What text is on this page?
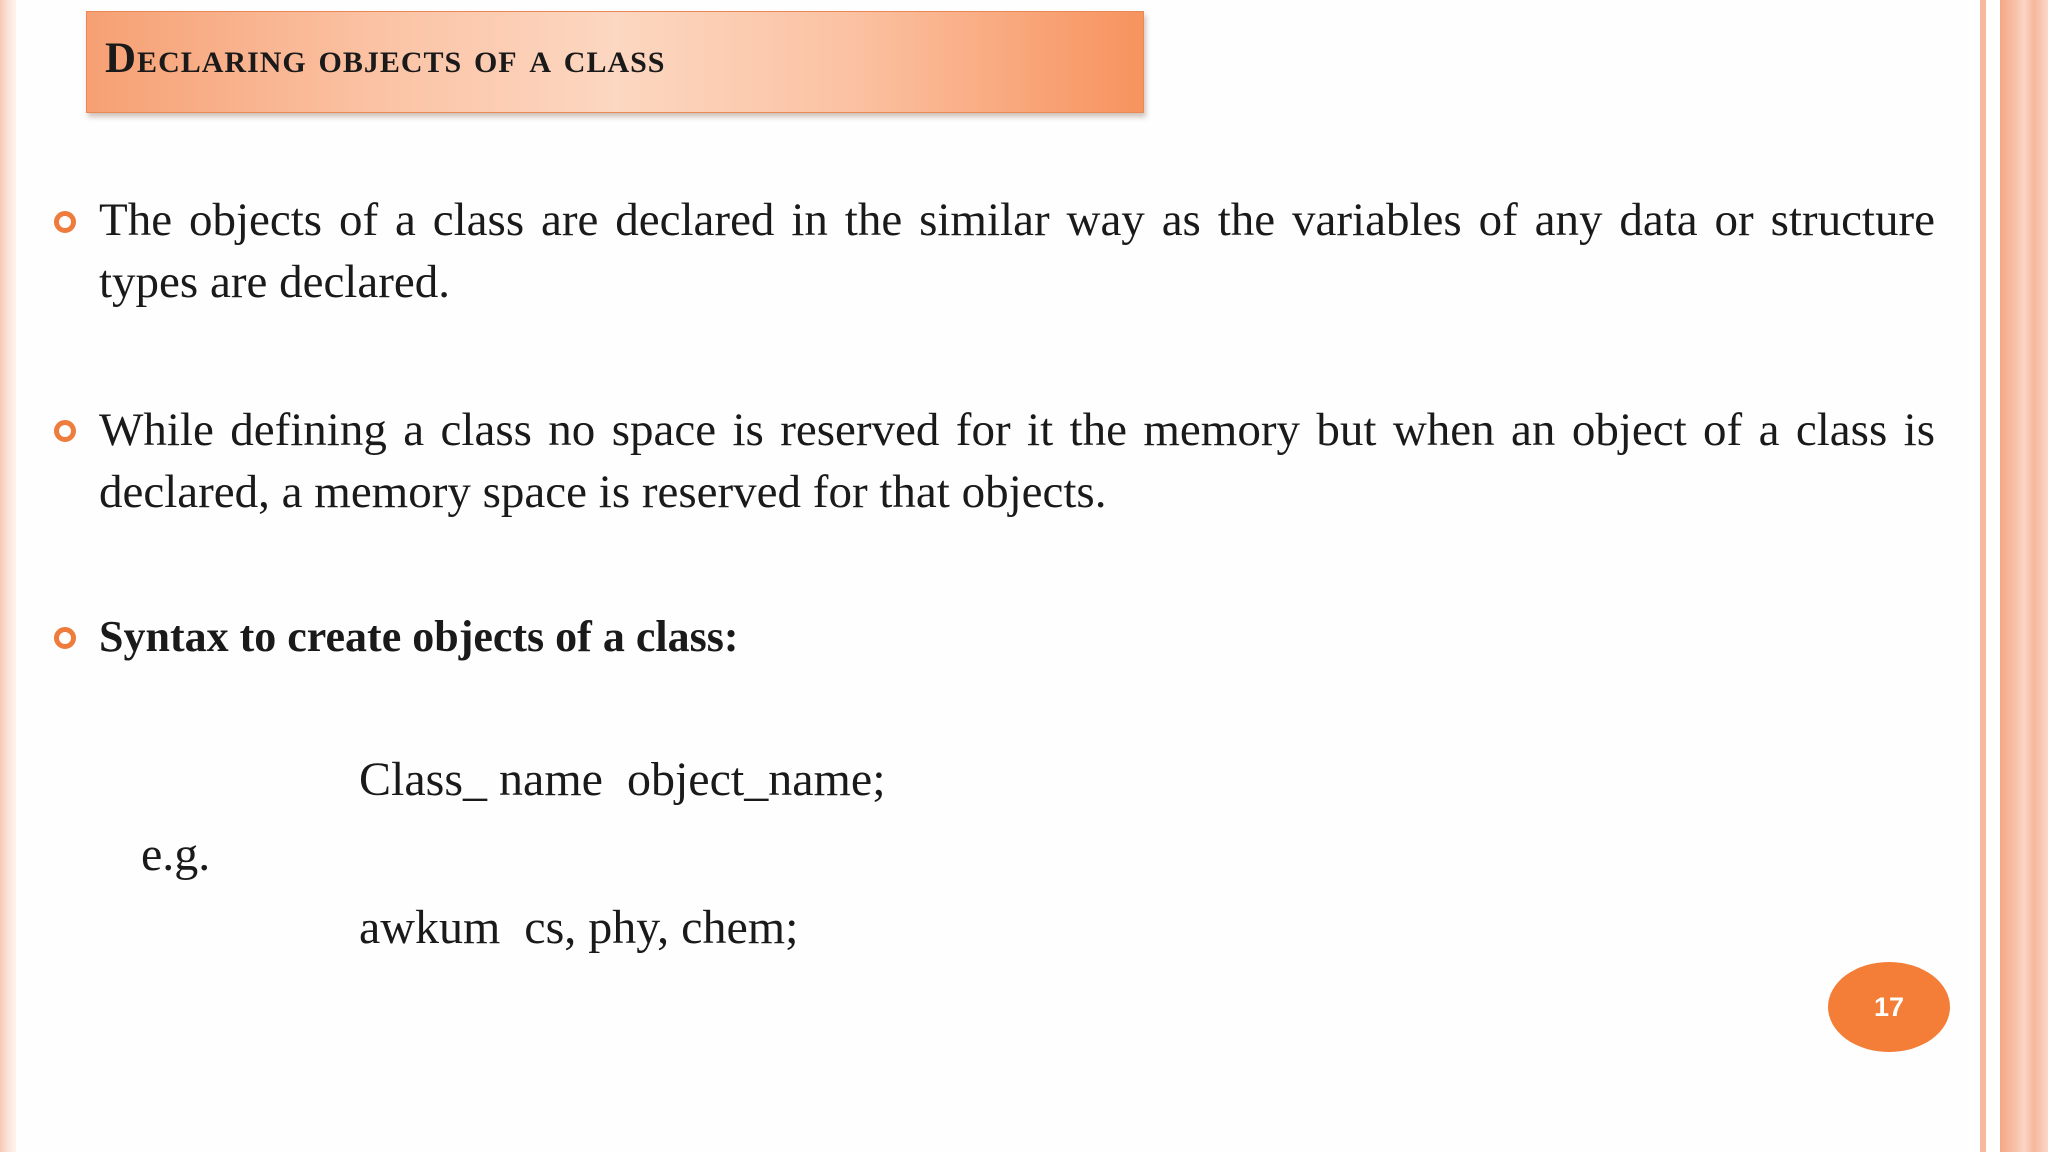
Declaring objects of a class
The objects of a class are declared in the similar way as the variables of any data or structure types are declared.
While defining a class no space is reserved for it the memory but when an object of a class is declared, a memory space is reserved for that objects.
Syntax to create objects of a class:
Class_ name  object_name;
e.g.
awkum  cs, phy, chem;
17
